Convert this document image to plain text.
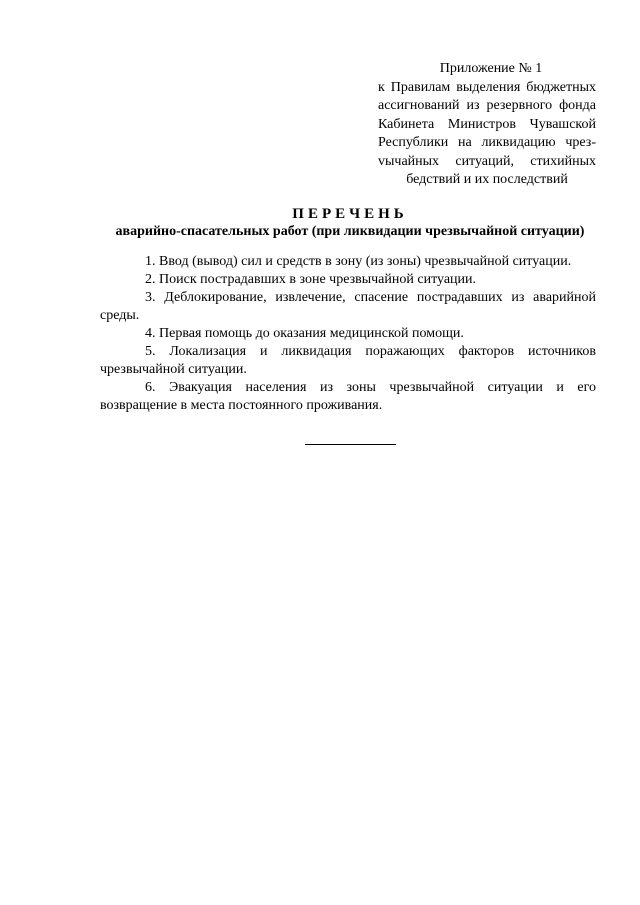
Приложение № 1
к Правилам выделения бюджетных ассигнований из резервного фонда Кабинета Министров Чувашской Республики на ликвидацию чрезvычайных ситуаций, стихийных бедствий и их последствий
ПЕРЕЧЕНЬ
аварийно-спасательных работ (при ликвидации чрезвычайной ситуации)
1. Ввод (вывод) сил и средств в зону (из зоны) чрезвычайной ситуации.
2. Поиск пострадавших в зоне чрезвычайной ситуации.
3. Деблокирование, извлечение, спасение пострадавших из аварийной среды.
4. Первая помощь до оказания медицинской помощи.
5. Локализация и ликвидация поражающих факторов источников чрезвычайной ситуации.
6. Эвакуация населения из зоны чрезвычайной ситуации и его возвращение в места постоянного проживания.
